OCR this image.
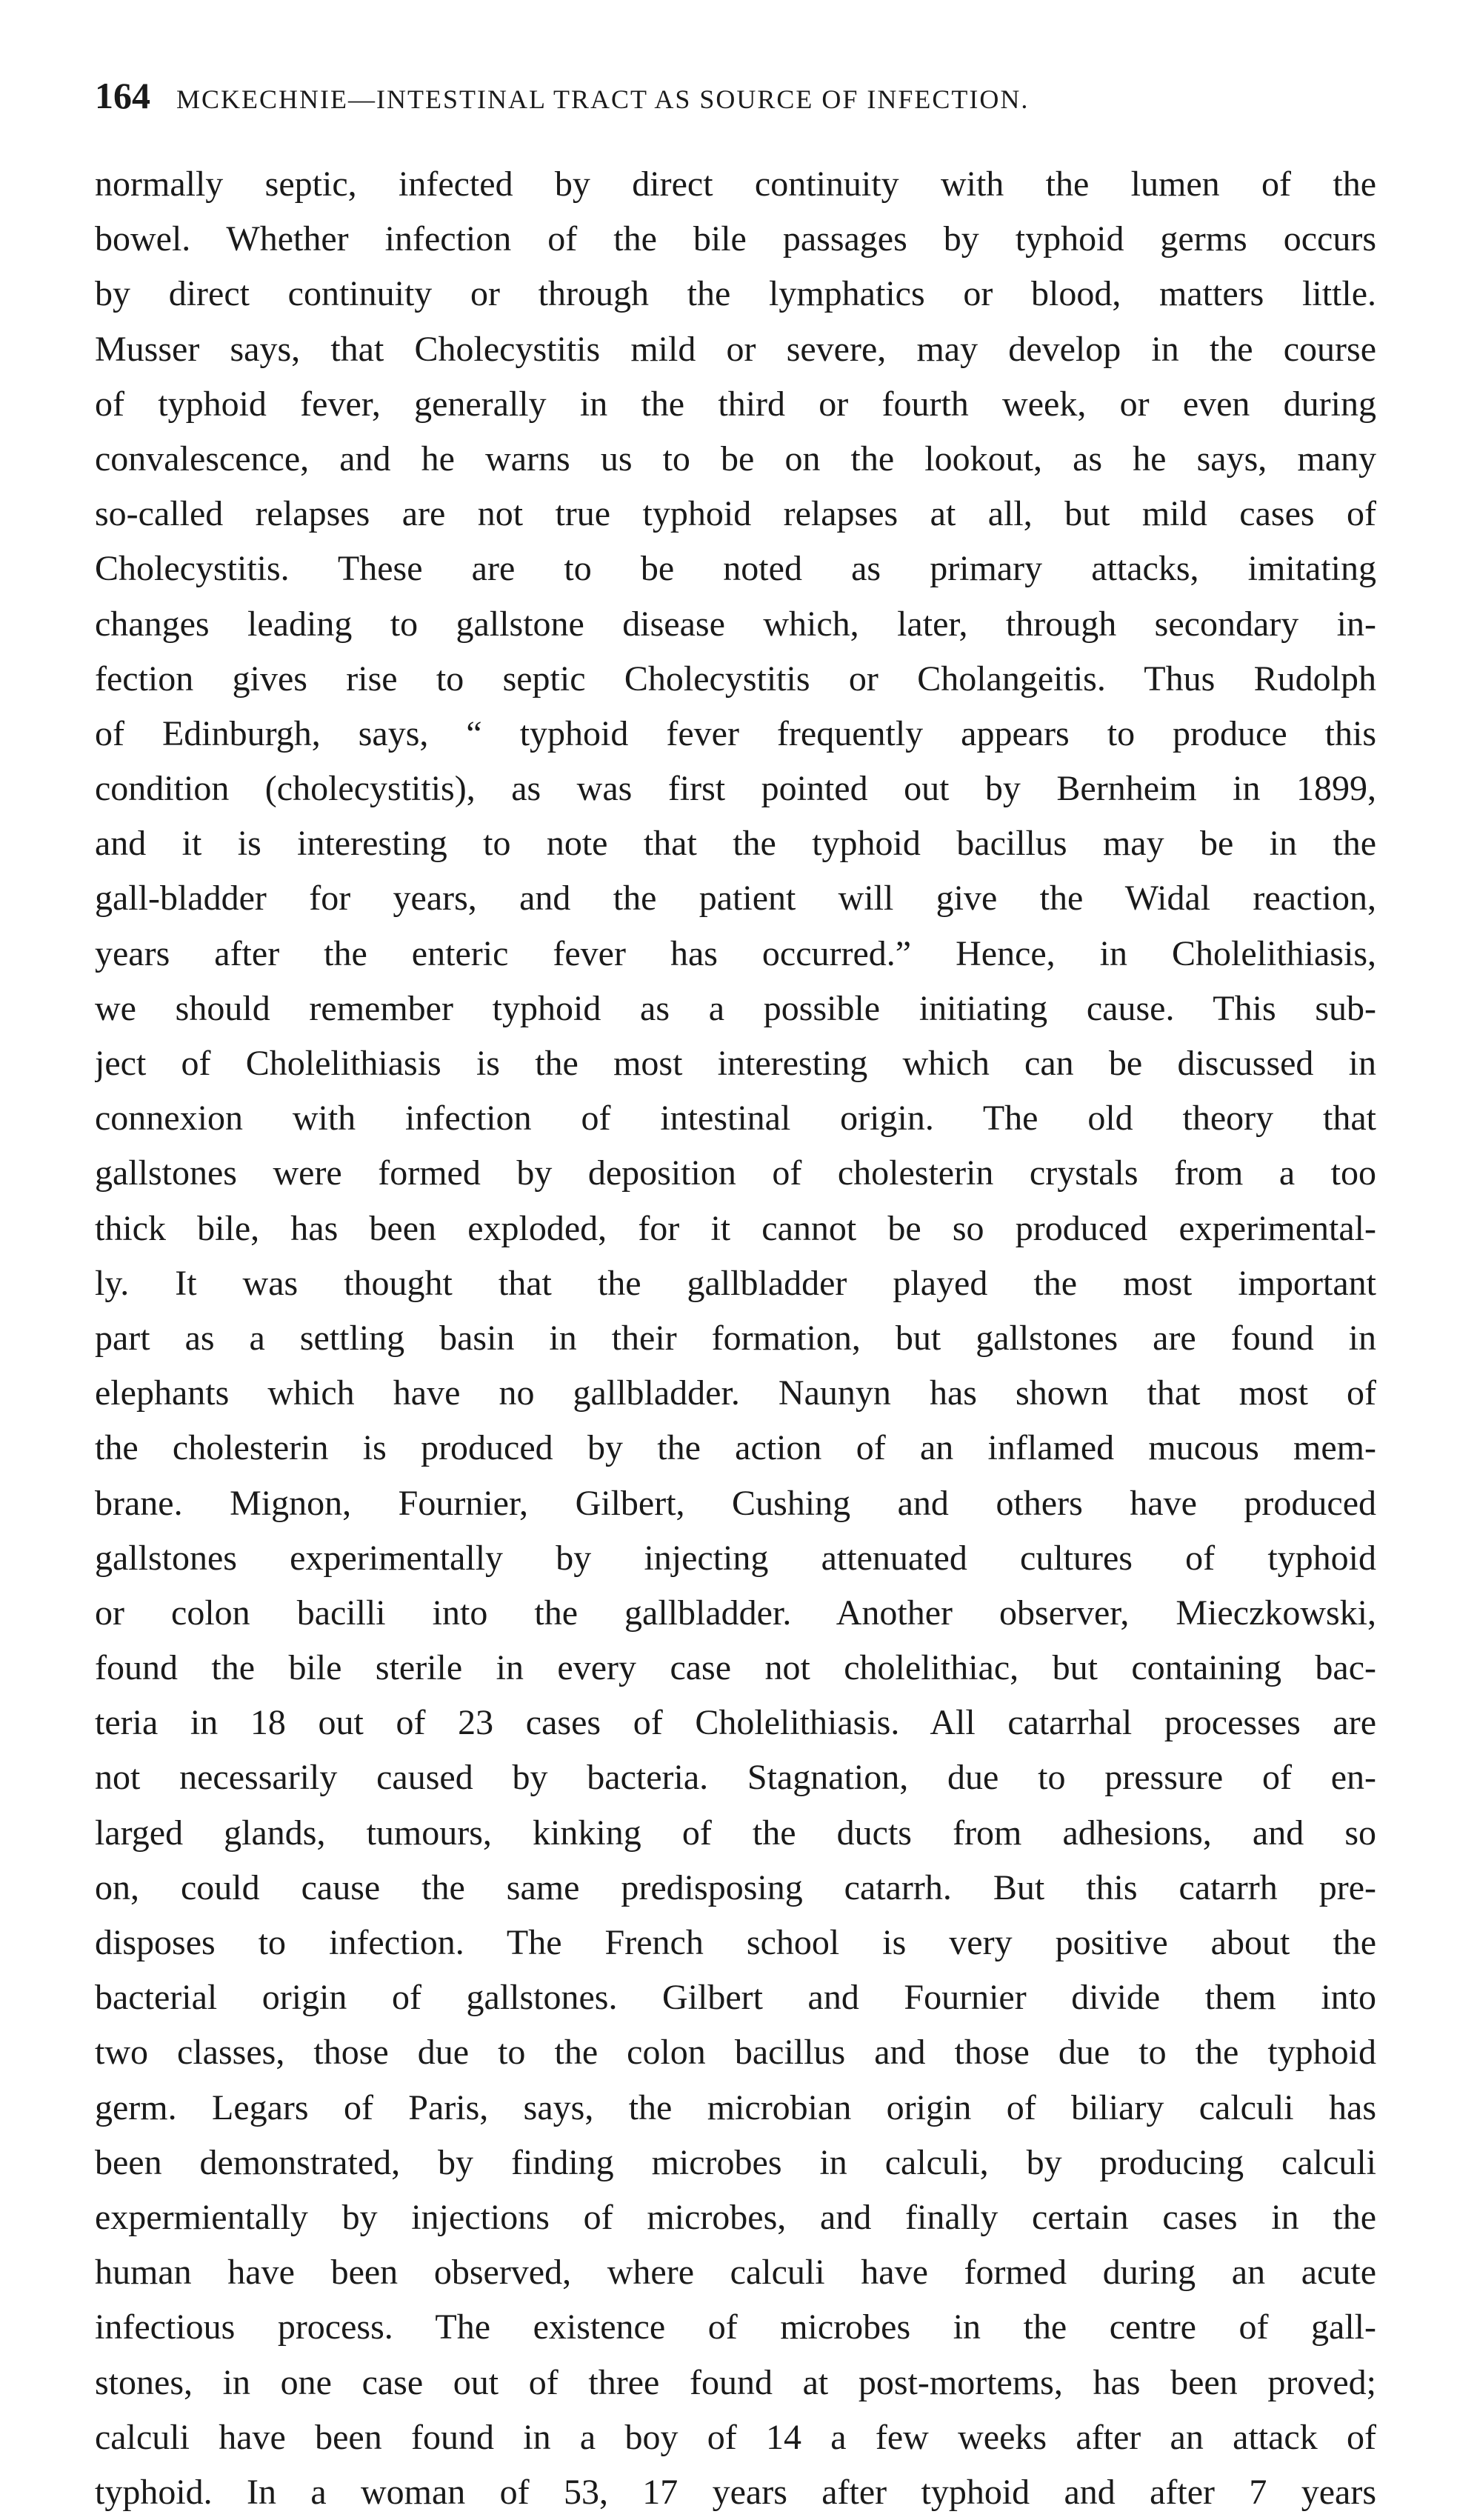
164 MCKECHNIE—INTESTINAL TRACT AS SOURCE OF INFECTION.
normally septic, infected by direct continuity with the lumen of the
bowel. Whether infection of the bile passages by typhoid germs occurs
by direct continuity or through the lymphatics or blood, matters little.
Musser says, that Cholecystitis mild or severe, may develop in the course
of typhoid fever, generally in the third or fourth week, or even during
convalescence, and he warns us to be on the lookout, as he says, many
so-called relapses are not true typhoid relapses at all, but mild cases of
Cholecystitis. These are to be noted as primary attacks, imitating
changes leading to gallstone disease which, later, through secondary in-
fection gives rise to septic Cholecystitis or Cholangeitis. Thus Rudolph
of Edinburgh, says, “ typhoid fever frequently appears to produce this
condition (cholecystitis), as was first pointed out by Bernheim in 1899,
and it is interesting to note that the typhoid bacillus may be in the
gall-bladder for years, and the patient will give the Widal reaction,
years after the enteric fever has occurred.” Hence, in Cholelithiasis,
we should remember typhoid as a possible initiating cause. This sub-
ject of Cholelithiasis is the most interesting which can be discussed in
connexion with infection of intestinal origin. The old theory that
gallstones were formed by deposition of cholesterin crystals from a too
thick bile, has been exploded, for it cannot be so produced experimental-
ly. It was thought that the gallbladder played the most important
part as a settling basin in their formation, but gallstones are found in
elephants which have no gallbladder. Naunyn has shown that most of
the cholesterin is produced by the action of an inflamed mucous mem-
brane. Mignon, Fournier, Gilbert, Cushing and others have produced
gallstones experimentally by injecting attenuated cultures of typhoid
or colon bacilli into the gallbladder. Another observer, Mieczkowski,
found the bile sterile in every case not cholelithiac, but containing bac-
teria in 18 out of 23 cases of Cholelithiasis. All catarrhal processes are
not necessarily caused by bacteria. Stagnation, due to pressure of en-
larged glands, tumours, kinking of the ducts from adhesions, and so
on, could cause the same predisposing catarrh. But this catarrh pre-
disposes to infection. The French school is very positive about the
bacterial origin of gallstones. Gilbert and Fournier divide them into
two classes, those due to the colon bacillus and those due to the typhoid
germ. Legars of Paris, says, the microbian origin of biliary calculi has
been demonstrated, by finding microbes in calculi, by producing calculi
expermientally by injections of microbes, and finally certain cases in the
human have been observed, where calculi have formed during an acute
infectious process. The existence of microbes in the centre of gall-
stones, in one case out of three found at post-mortems, has been proved;
calculi have been found in a boy of 14 a few weeks after an attack of
typhoid. In a woman of 53, 17 years after typhoid and after 7 years
